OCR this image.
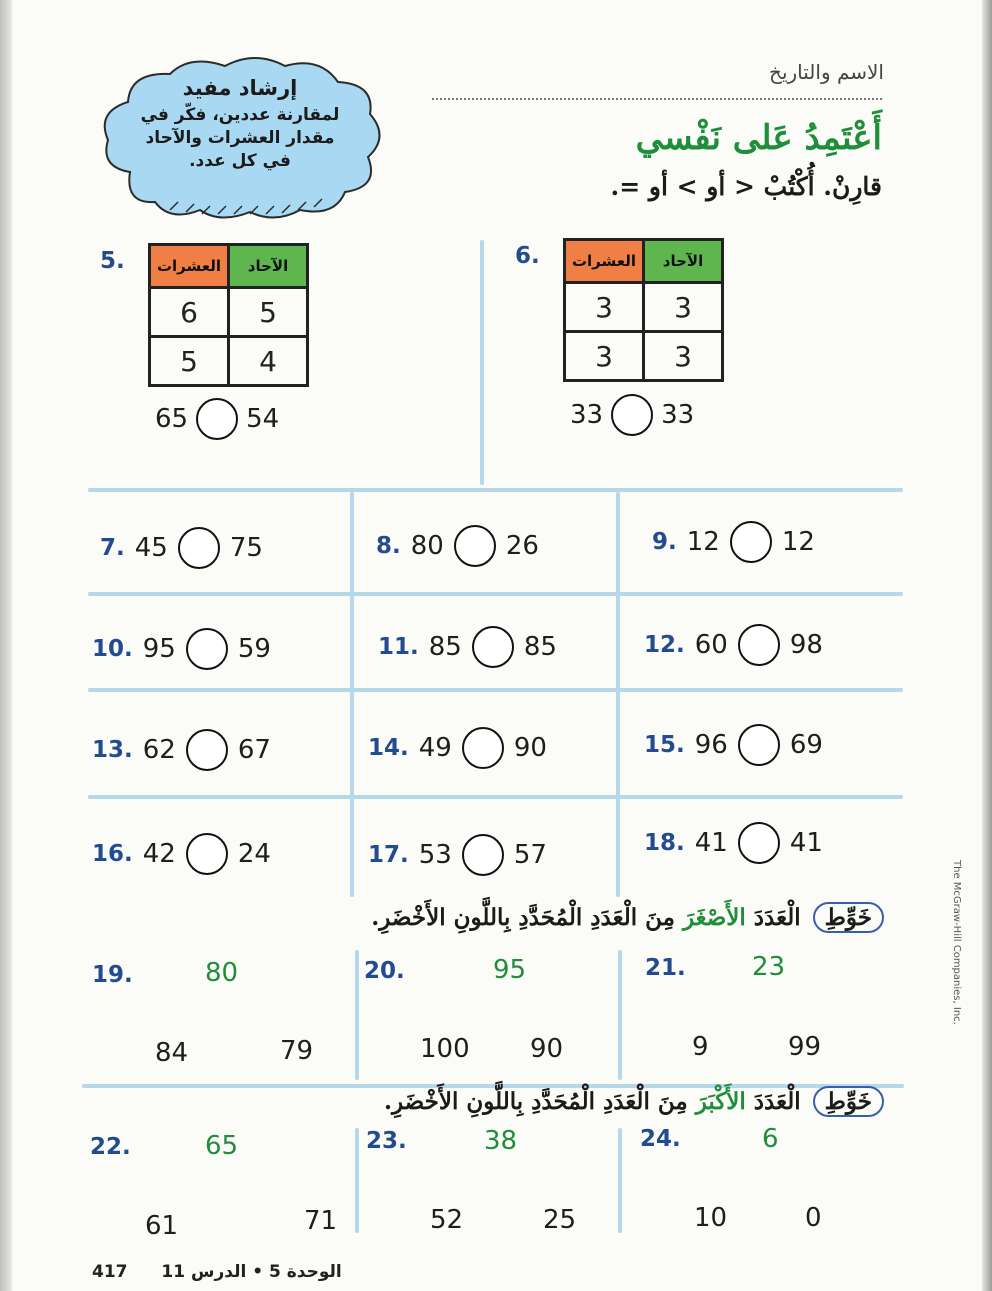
الاسم والتاريخ
أَعْتَمِدُ عَلى نَفْسي
قارِنْ. أُكْتُبْ < أو > أو =.
إرشاد مفيد
لمقارنة عددين، فكّر في مقدار العشرات والآحاد في كل عدد.
5. العشرات	الآحاد
6	5
5	4
65 54
6. العشرات	الآحاد
3	3
3	3
33 33
7. 45 75	8. 80 26	9. 12 12
10. 95 59	11. 85 85	12. 60 98
13. 62 67	14. 49 90	15. 96 69
16. 42 24	17. 53 57	18. 41 41
خَوِّطِ الْعَدَدَ الأَصْغَرَ مِنَ الْعَدَدِ الْمُحَدَّدِ بِاللَّونِ الأَخْضَرِ.
19.	80
84	79
20.	95
100 90
21.	23
9	99
خَوِّطِ الْعَدَدَ الأَكْبَرَ مِنَ الْعَدَدِ الْمُحَدَّدِ بِاللَّونِ الأَخْضَرِ.
22.	65
61	71
23.	38
52	25
24.	6
10	0
417 الوحدة 5 • الدرس 11
The McGraw-Hill Companies, Inc.
